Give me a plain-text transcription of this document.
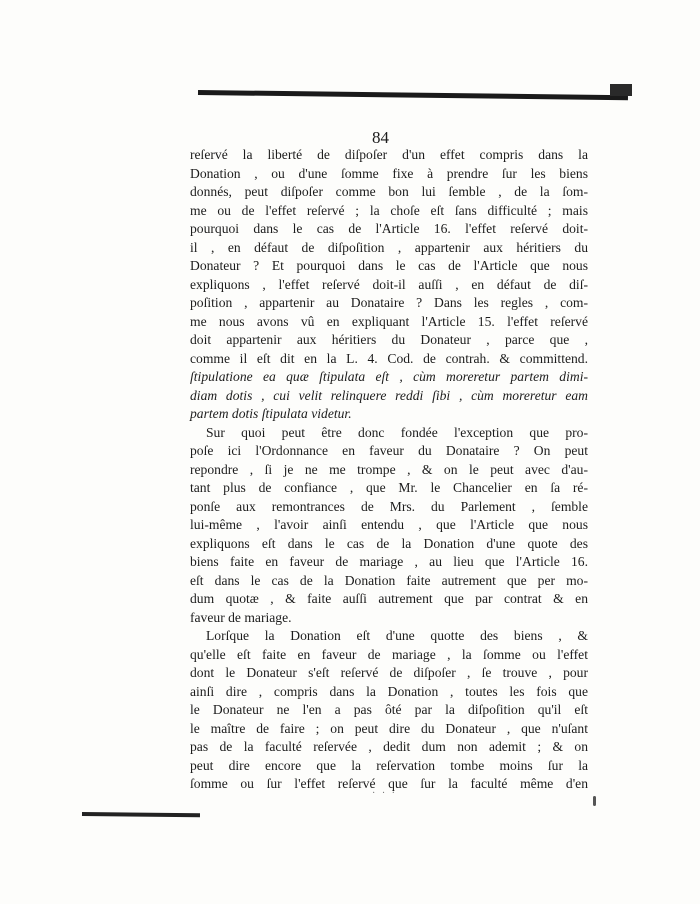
84
reſervé la liberté de diſpoſer d'un effet compris dans la
Donation , ou d'une ſomme fixe à prendre ſur les biens
donnés, peut diſpoſer comme bon lui ſemble , de la ſom-
me ou de l'effet reſervé ; la choſe eſt ſans difficulté ; mais
pourquoi dans le cas de l'Article 16. l'effet reſervé doit-
il , en défaut de diſpoſition , appartenir aux héritiers du
Donateur ? Et pourquoi dans le cas de l'Article que nous
expliquons , l'effet reſervé doit-il auſſi , en défaut de diſ-
poſition , appartenir au Donataire ? Dans les regles , com-
me nous avons vû en expliquant l'Article 15. l'effet reſervé
doit appartenir aux héritiers du Donateur , parce que ,
comme il eſt dit en la L. 4. Cod. de contrah. & committend.
ſtipulatione ea quæ ſtipulata eſt , cùm moreretur partem dimi-
diam dotis , cui velit relinquere reddi ſibi , cùm moreretur eam
partem dotis ſtipulata videtur.
Sur quoi peut être donc fondée l'exception que pro-
poſe ici l'Ordonnance en faveur du Donataire ? On peut
repondre , ſi je ne me trompe , & on le peut avec d'au-
tant plus de confiance , que Mr. le Chancelier en ſa ré-
ponſe aux remontrances de Mrs. du Parlement , ſemble
lui-même , l'avoir ainſi entendu , que l'Article que nous
expliquons eſt dans le cas de la Donation d'une quote des
biens faite en faveur de mariage , au lieu que l'Article 16.
eſt dans le cas de la Donation faite autrement que per mo-
dum quotæ , & faite auſſi autrement que par contrat & en
faveur de mariage.
Lorſque la Donation eſt d'une quotte des biens , &
qu'elle eſt faite en faveur de mariage , la ſomme ou l'effet
dont le Donateur s'eſt reſervé de diſpoſer , ſe trouve , pour
ainſi dire , compris dans la Donation , toutes les fois que
le Donateur ne l'en a pas ôté par la diſpoſition qu'il eſt
le maître de faire ; on peut dire du Donateur , que n'uſant
pas de la faculté reſervée , dedit dum non ademit ; & on
peut dire encore que la reſervation tombe moins ſur la
ſomme ou ſur l'effet reſervé que ſur la faculté même d'en
· · ·
